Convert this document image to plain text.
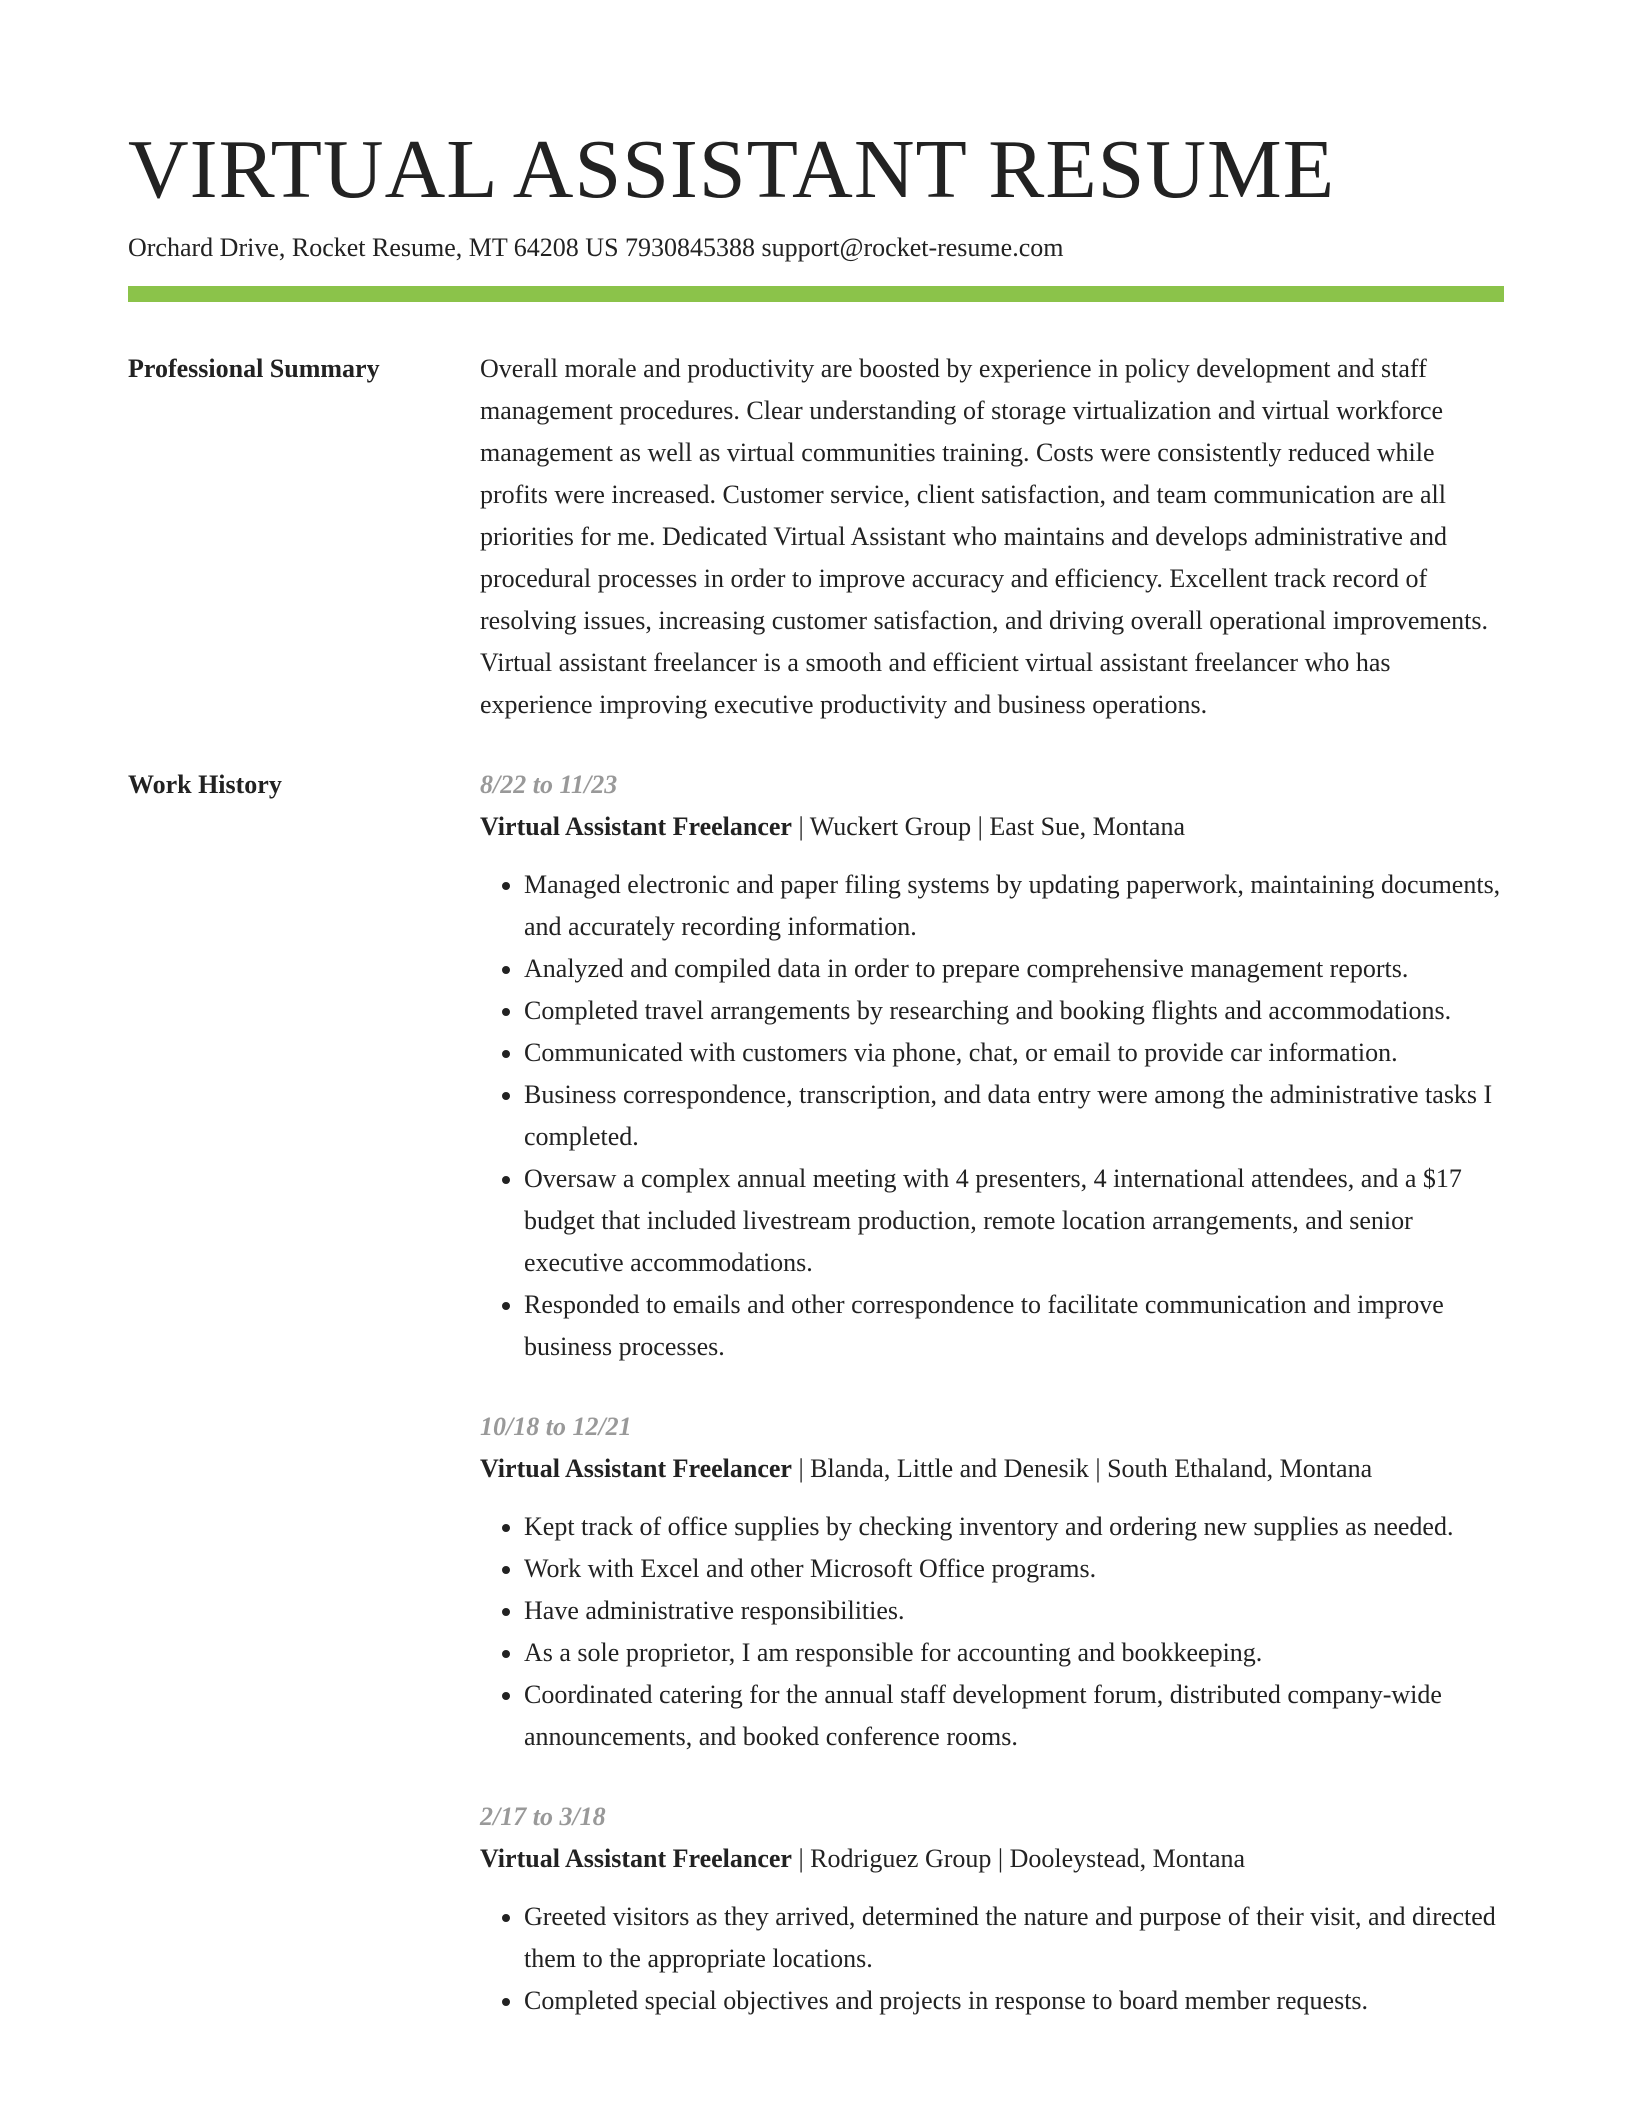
VIRTUAL ASSISTANT RESUME
Orchard Drive, Rocket Resume, MT 64208 US 7930845388 support@rocket-resume.com
Professional Summary	Overall morale and productivity are boosted by experience in policy development and staff management procedures. Clear understanding of storage virtualization and virtual workforce management as well as virtual communities training. Costs were consistently reduced while profits were increased. Customer service, client satisfaction, and team communication are all priorities for me. Dedicated Virtual Assistant who maintains and develops administrative and procedural processes in order to improve accuracy and efficiency. Excellent track record of resolving issues, increasing customer satisfaction, and driving overall operational improvements. Virtual assistant freelancer is a smooth and efficient virtual assistant freelancer who has experience improving executive productivity and business operations.

Work History	8/22 to 11/23
Virtual Assistant Freelancer | Wuckert Group | East Sue, Montana
• Managed electronic and paper filing systems by updating paperwork, maintaining documents, and accurately recording information.
• Analyzed and compiled data in order to prepare comprehensive management reports.
• Completed travel arrangements by researching and booking flights and accommodations.
• Communicated with customers via phone, chat, or email to provide car information.
• Business correspondence, transcription, and data entry were among the administrative tasks I completed.
• Oversaw a complex annual meeting with 4 presenters, 4 international attendees, and a $17 budget that included livestream production, remote location arrangements, and senior executive accommodations.
• Responded to emails and other correspondence to facilitate communication and improve business processes.
10/18 to 12/21
Virtual Assistant Freelancer | Blanda, Little and Denesik | South Ethaland, Montana
• Kept track of office supplies by checking inventory and ordering new supplies as needed.
• Work with Excel and other Microsoft Office programs.
• Have administrative responsibilities.
• As a sole proprietor, I am responsible for accounting and bookkeeping.
• Coordinated catering for the annual staff development forum, distributed company-wide announcements, and booked conference rooms.
2/17 to 3/18
Virtual Assistant Freelancer | Rodriguez Group | Dooleystead, Montana
• Greeted visitors as they arrived, determined the nature and purpose of their visit, and directed them to the appropriate locations.
• Completed special objectives and projects in response to board member requests.
